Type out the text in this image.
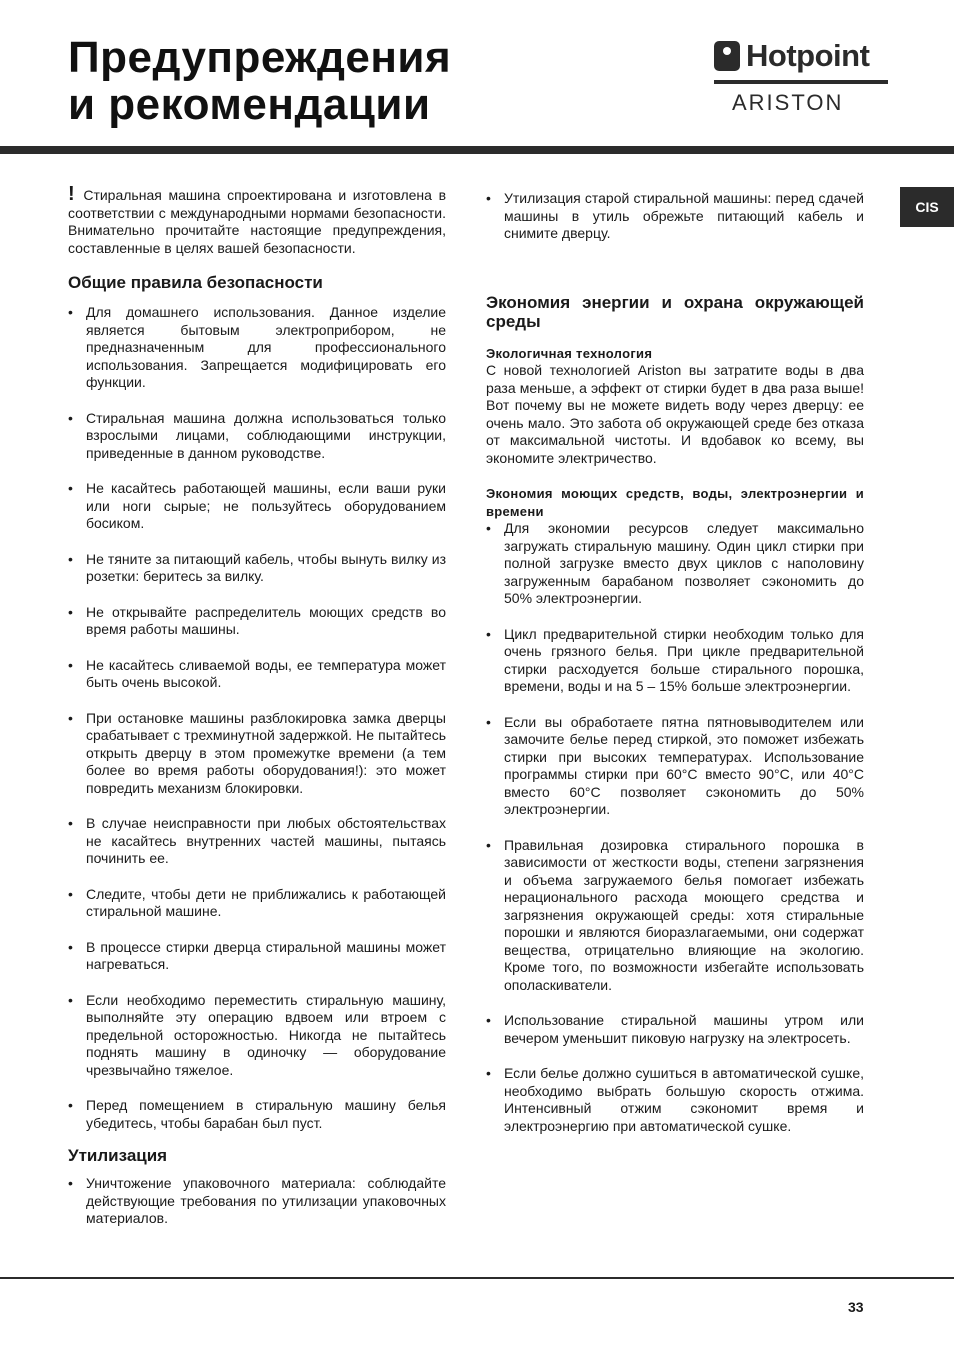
Предупреждения
и рекомендации
Hotpoint
ARISTON
CIS

! Стиральная машина спроектирована и изготовлена в соответствии с международными нормами безопасности. Внимательно прочитайте настоящие предупреждения, составленные в целях вашей безопасности.

Общие правила безопасности
• Для домашнего использования. Данное изделие является бытовым электроприбором, не предназначенным для профессионального использования. Запрещается модифицировать его функции.
• Стиральная машина должна использоваться только взрослыми лицами, соблюдающими инструкции, приведенные в данном руководстве.
• Не касайтесь работающей машины, если ваши руки или ноги сырые; не пользуйтесь оборудованием босиком.
• Не тяните за питающий кабель, чтобы вынуть вилку из розетки: беритесь за вилку.
• Не открывайте распределитель моющих средств во время работы машины.
• Не касайтесь сливаемой воды, ее температура может быть очень высокой.
• При остановке машины разблокировка замка дверцы срабатывает с трехминутной задержкой. Не пытайтесь открыть дверцу в этом промежутке времени (а тем более во время работы оборудования!): это может повредить механизм блокировки.
• В случае неисправности при любых обстоятельствах не касайтесь внутренних частей машины, пытаясь починить ее.
• Следите, чтобы дети не приближались к работающей стиральной машине.
• В процессе стирки дверца стиральной машины может нагреваться.
• Если необходимо переместить стиральную машину, выполняйте эту операцию вдвоем или втроем с предельной осторожностью. Никогда не пытайтесь поднять машину в одиночку — оборудование чрезвычайно тяжелое.
• Перед помещением в стиральную машину белья убедитесь, чтобы барабан был пуст.
Утилизация
• Уничтожение упаковочного материала: соблюдайте действующие требования по утилизации упаковочных материалов.
• Утилизация старой стиральной машины: перед сдачей машины в утиль обрежьте питающий кабель и снимите дверцу.
Экономия энергии и охрана окружающей среды
Экологичная технология

С новой технологией Ariston вы затратите воды в два раза меньше, а эффект от стирки будет в два раза выше! Вот почему вы не можете видеть воду через дверцу: ее очень мало. Это забота об окружающей среде без отказа от максимальной чистоты. И вдобавок ко всему, вы экономите электричество.

Экономия моющих средств, воды, электроэнергии и времени
• Для экономии ресурсов следует максимально загружать стиральную машину. Один цикл стирки при полной загрузке вместо двух циклов с наполовину загруженным барабаном позволяет сэкономить до 50% электроэнергии.
• Цикл предварительной стирки необходим только для очень грязного белья. При цикле предварительной стирки расходуется больше стирального порошка, времени, воды и на 5 – 15% больше электроэнергии.
• Если вы обработаете пятна пятновыводителем или замочите белье перед стиркой, это поможет избежать стирки при высоких температурах. Использование программы стирки при 60°С вместо 90°С, или 40°С вместо 60°С позволяет сэкономить до 50% электроэнергии.
• Правильная дозировка стирального порошка в зависимости от жесткости воды, степени загрязнения и объема загружаемого белья помогает избежать нерационального расхода моющего средства и загрязнения окружающей среды: хотя стиральные порошки и являются биоразлагаемыми, они содержат вещества, отрицательно влияющие на экологию. Кроме того, по возможности избегайте использовать ополаскиватели.
• Использование стиральной машины утром или вечером уменьшит пиковую нагрузку на электросеть.
• Если белье должно сушиться в автоматической сушке, необходимо выбрать большую скорость отжима. Интенсивный отжим сэкономит время и электроэнергию при автоматической сушке.
33
